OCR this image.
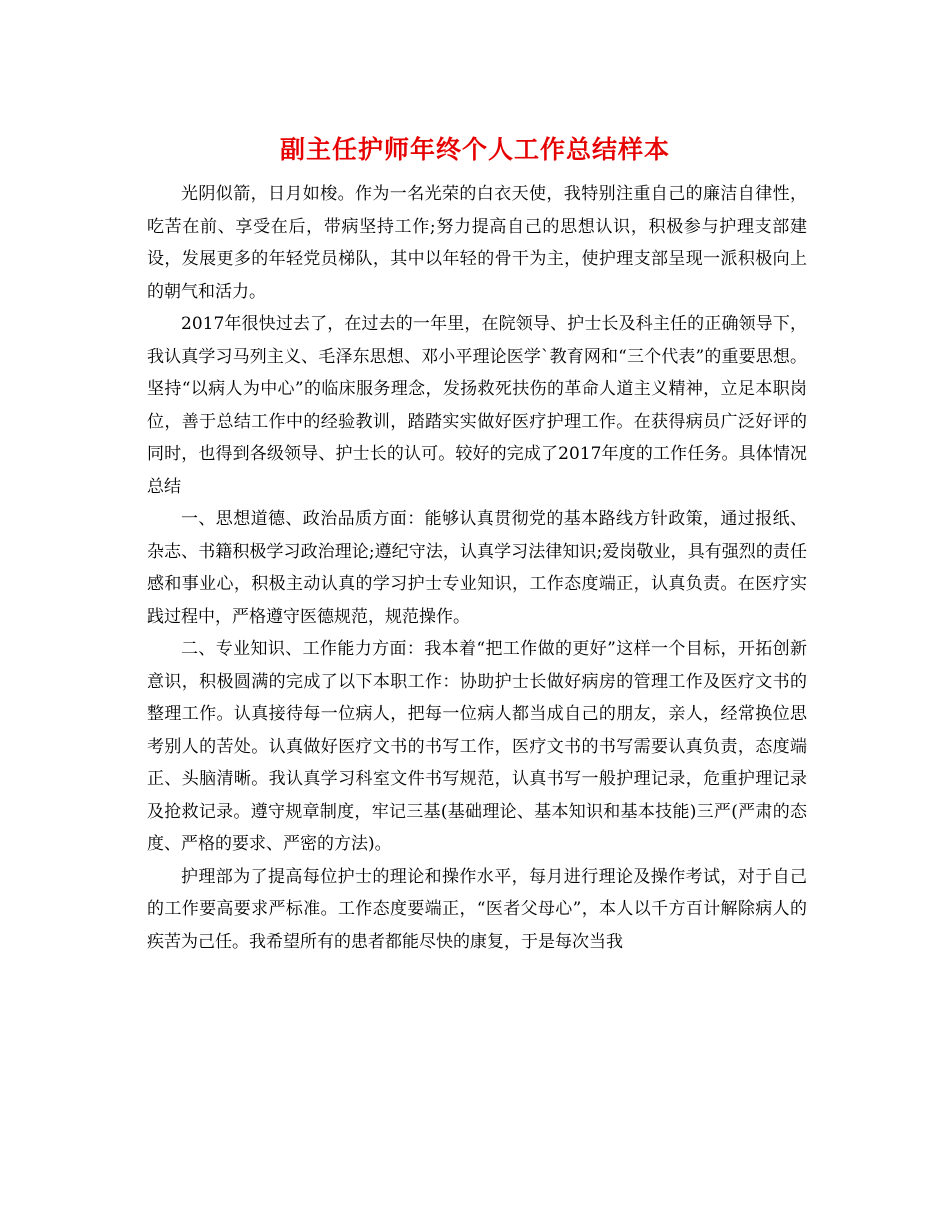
副主任护师年终个人工作总结样本

光阴似箭，日月如梭。作为一名光荣的白衣天使，我特别注重自己的廉洁自律性，吃苦在前、享受在后，带病坚持工作;努力提高自己的思想认识，积极参与护理支部建设，发展更多的年轻党员梯队，其中以年轻的骨干为主，使护理支部呈现一派积极向上的朝气和活力。

2017年很快过去了，在过去的一年里，在院领导、护士长及科主任的正确领导下，我认真学习马列主义、毛泽东思想、邓小平理论医学`教育网和“三个代表”的重要思想。坚持“以病人为中心”的临床服务理念，发扬救死扶伤的革命人道主义精神，立足本职岗位，善于总结工作中的经验教训，踏踏实实做好医疗护理工作。在获得病员广泛好评的同时，也得到各级领导、护士长的认可。较好的完成了2017年度的工作任务。具体情况总结

一、思想道德、政治品质方面：能够认真贯彻党的基本路线方针政策，通过报纸、杂志、书籍积极学习政治理论;遵纪守法，认真学习法律知识;爱岗敬业，具有强烈的责任感和事业心，积极主动认真的学习护士专业知识，工作态度端正，认真负责。在医疗实践过程中，严格遵守医德规范，规范操作。

二、专业知识、工作能力方面：我本着“把工作做的更好”这样一个目标，开拓创新意识，积极圆满的完成了以下本职工作：协助护士长做好病房的管理工作及医疗文书的整理工作。认真接待每一位病人，把每一位病人都当成自己的朋友，亲人，经常换位思考别人的苦处。认真做好医疗文书的书写工作，医疗文书的书写需要认真负责，态度端正、头脑清晰。我认真学习科室文件书写规范，认真书写一般护理记录，危重护理记录及抢救记录。遵守规章制度，牢记三基(基础理论、基本知识和基本技能)三严(严肃的态度、严格的要求、严密的方法)。

护理部为了提高每位护士的理论和操作水平，每月进行理论及操作考试，对于自己的工作要高要求严标准。工作态度要端正，“医者父母心”，本人以千方百计解除病人的疾苦为己任。我希望所有的患者都能尽快的康复，于是每次当我
